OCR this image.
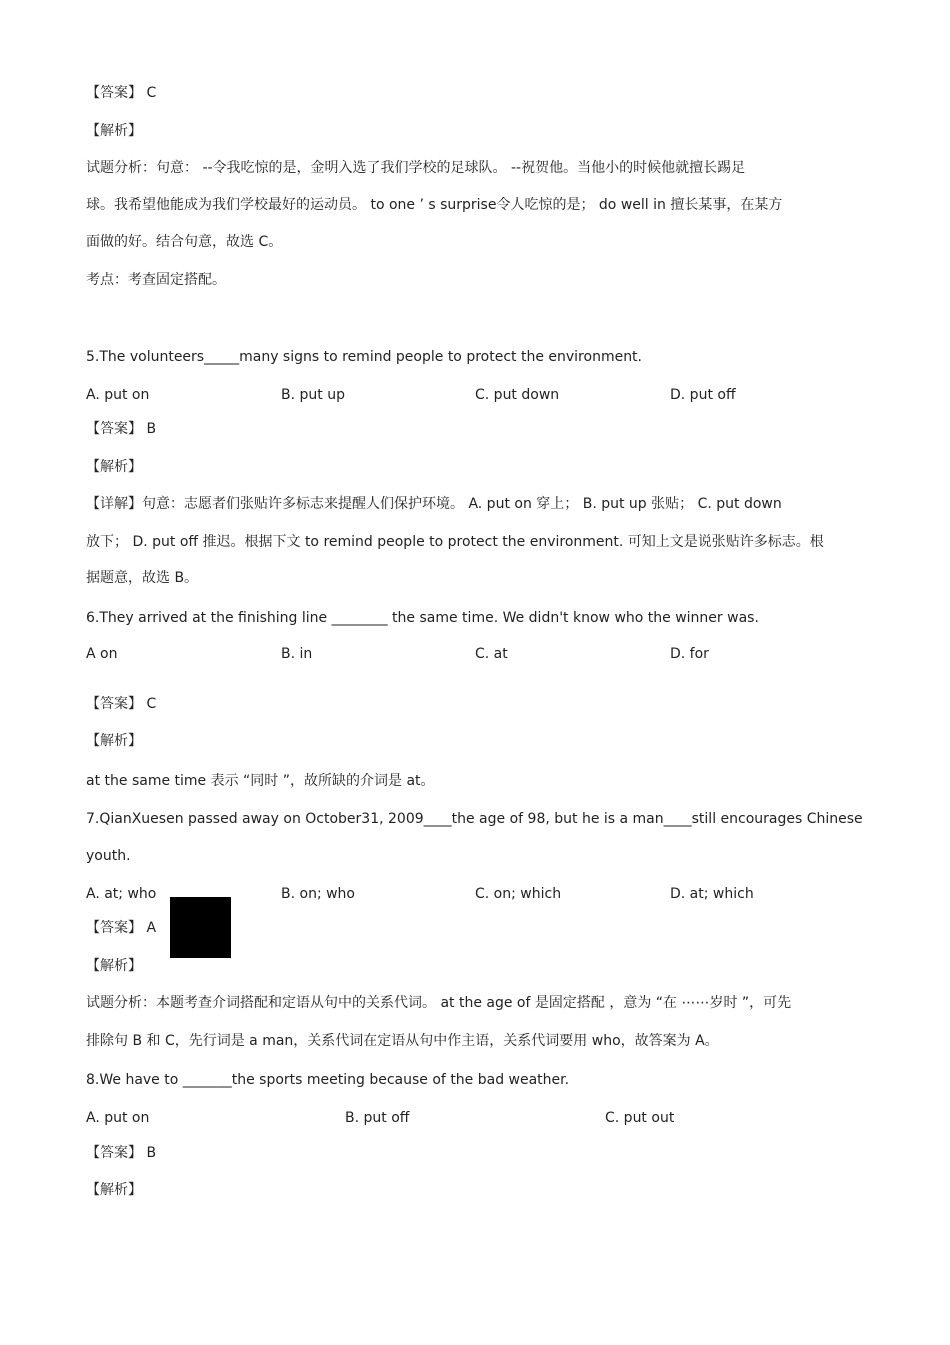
【答案】 C
【解析】
试题分析：句意： --令我吃惊的是，金明入选了我们学校的足球队。 --祝贺他。当他小的时候他就擅长踢足
球。我希望他能成为我们学校最好的运动员。 to one ’ s surprise令人吃惊的是； do well in 擅长某事，在某方
面做的好。结合句意，故选 C。
考点：考查固定搭配。
5.The volunteers_____many signs to remind people to protect the environment.
A. put on	B. put up	C. put down	D. put off
【答案】 B
【解析】
【详解】句意：志愿者们张贴许多标志来提醒人们保护环境。 A. put on 穿上； B. put up 张贴； C. put down
放下； D. put off 推迟。根据下文 to remind people to protect the environment. 可知上文是说张贴许多标志。根
据题意，故选 B。
6.They arrived at the finishing line ________ the same time. We didn't know who the winner was.
A on	B. in	C. at	D. for
【答案】 C
【解析】
at the same time 表示 “同时 ”，故所缺的介词是 at。
7.QianXuesen passed away on October31, 2009____the age of 98, but he is a man____still encourages Chinese
youth.
A. at; who	B. on; who	C. on; which	D. at; which
【答案】 A
【解析】
试题分析：本题考查介词搭配和定语从句中的关系代词。 at the age of 是固定搭配 ，意为 “在 ⋯⋯岁时 ”，可先
排除句 B 和 C，先行词是 a man，关系代词在定语从句中作主语，关系代词要用 who，故答案为 A。
8.We have to _______the sports meeting because of the bad weather.
A. put on	B. put off	C. put out
【答案】 B
【解析】
